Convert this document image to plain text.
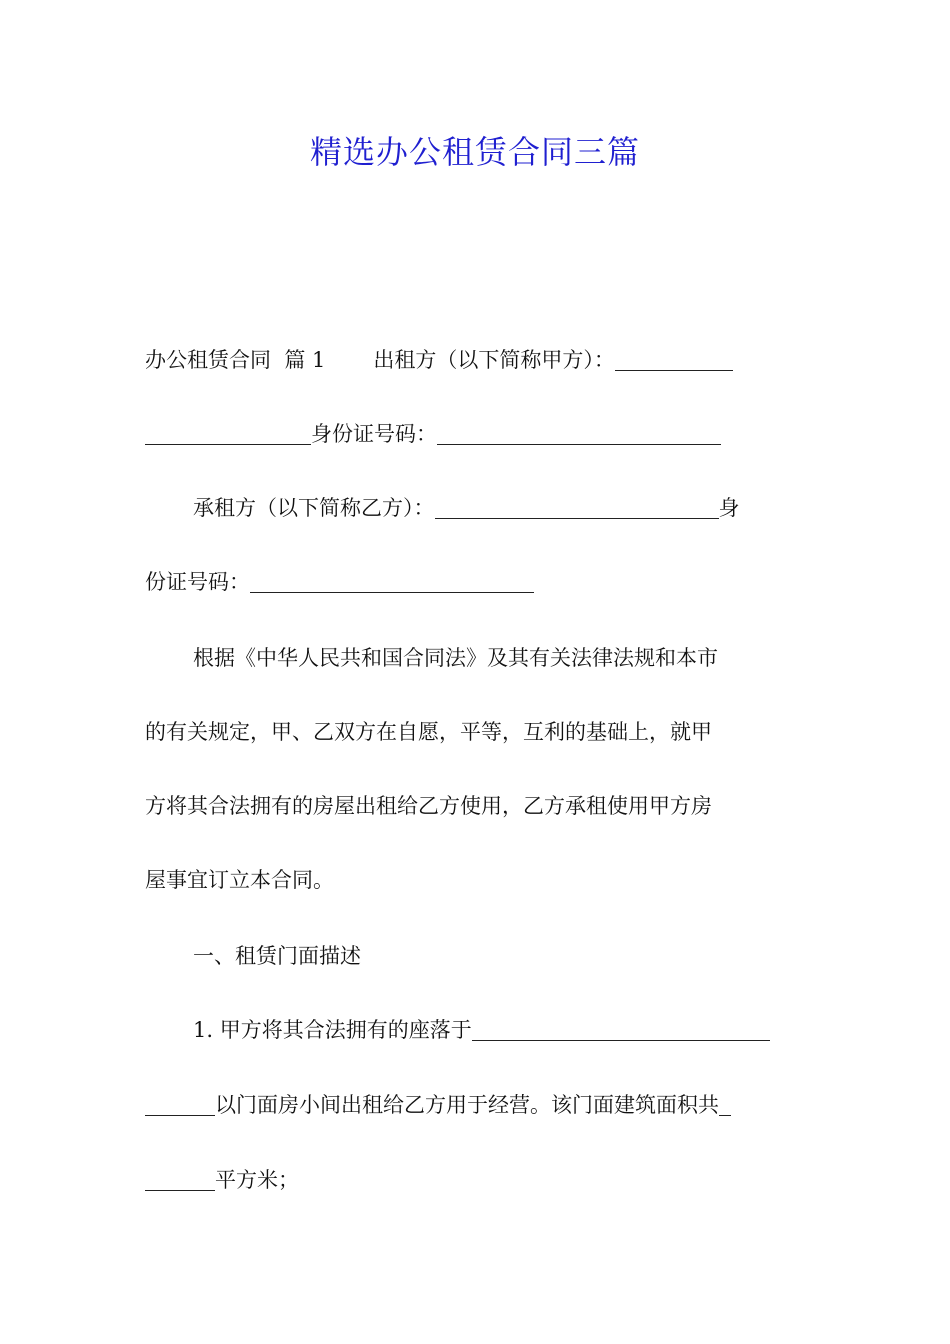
精选办公租赁合同三篇
办公租赁合同 篇 1 出租方（以下简称甲方）：
身份证号码：
承租方（以下简称乙方）：	身
份证号码：
根据《中华人民共和国合同法》及其有关法律法规和本市
的有关规定，甲、乙双方在自愿，平等，互利的基础上，就甲
方将其合法拥有的房屋出租给乙方使用，乙方承租使用甲方房
屋事宜订立本合同。
一、租赁门面描述
1. 甲方将其合法拥有的座落于
以门面房小间出租给乙方用于经营。该门面建筑面积共
平方米；
